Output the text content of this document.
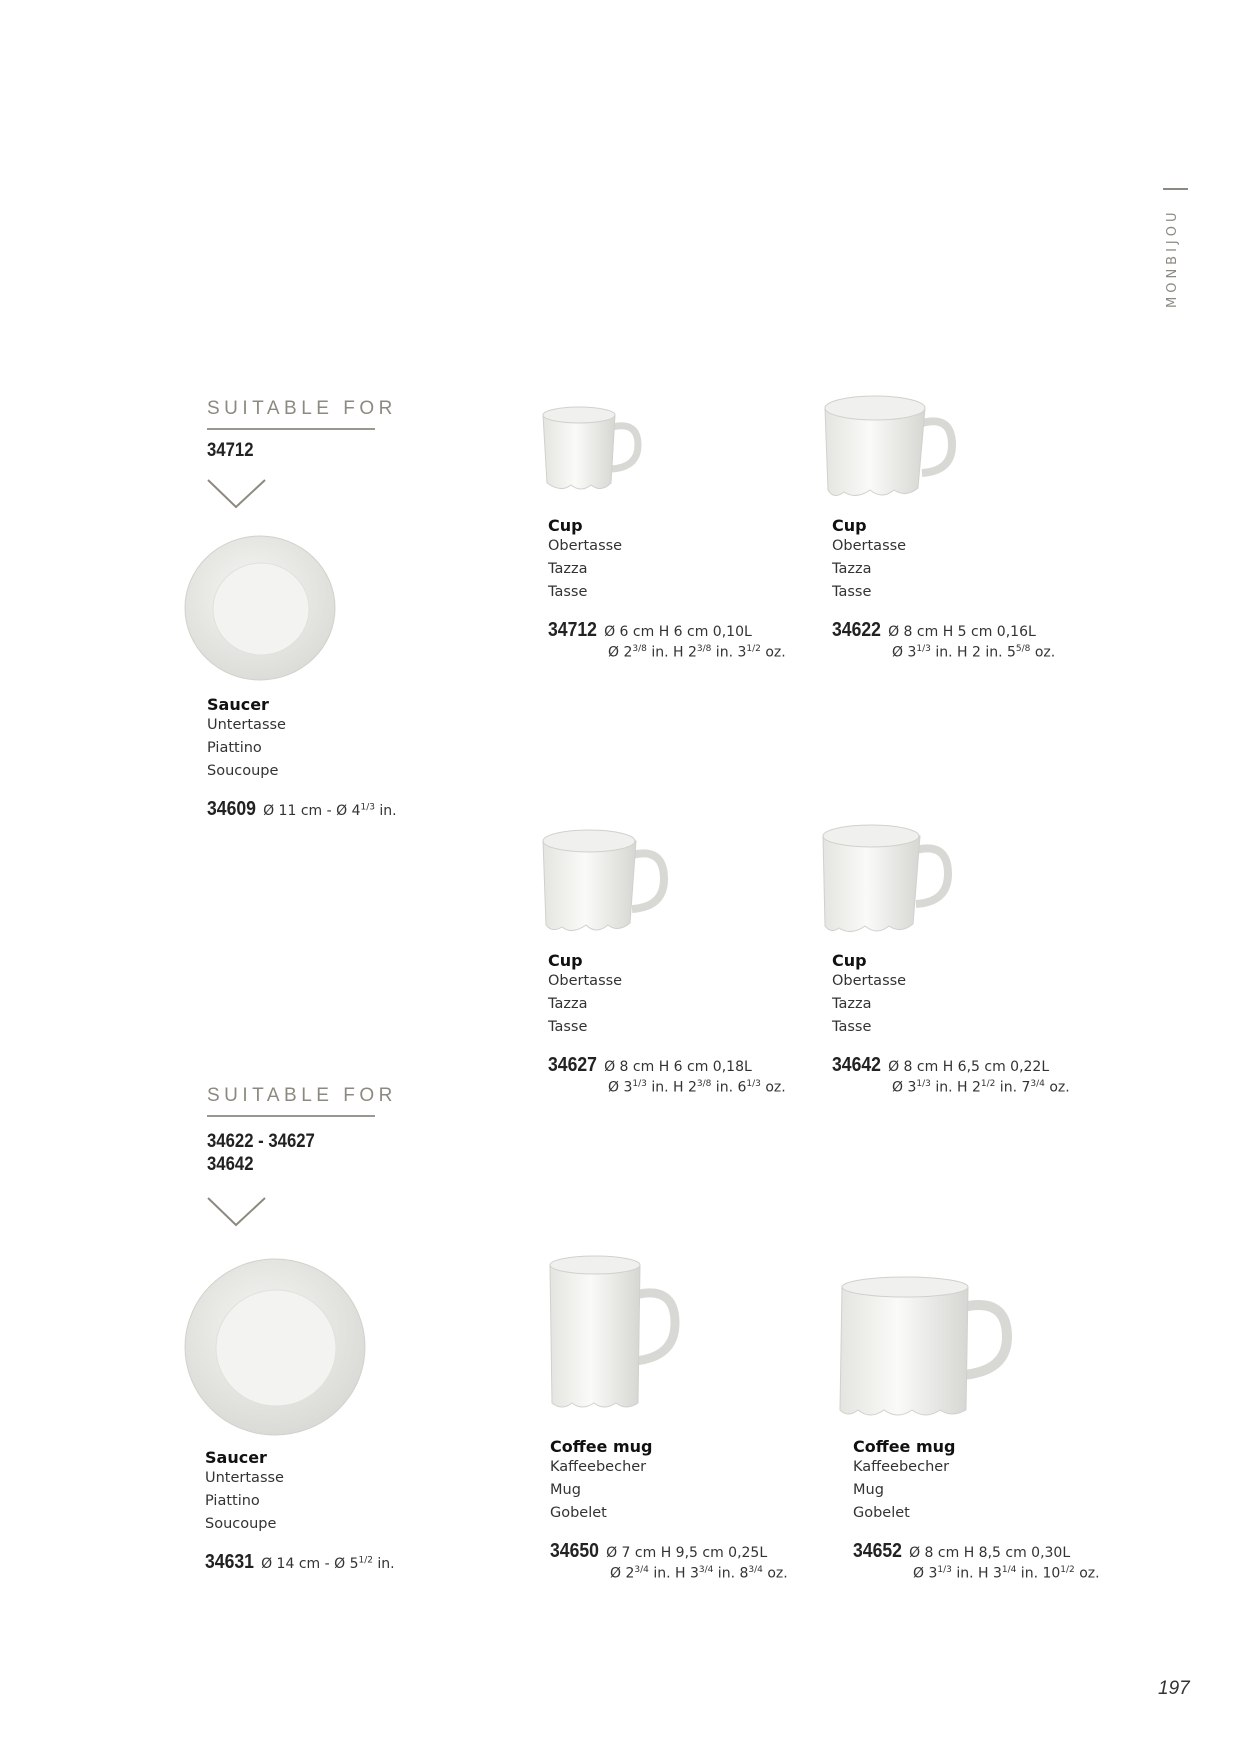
MONBIJOU
SUITABLE FOR
34712
Saucer
Untertasse
Piattino
Soucoupe
34609 Ø 11 cm - Ø $4^{1/3}$ in.
SUITABLE FOR
34622 - 34627
34642
Saucer
Untertasse
Piattino
Soucoupe
34631 Ø 14 cm - Ø $5^{1/2}$ in.
Cup
Obertasse
Tazza
Tasse
34712 Ø 6 cm H 6 cm 0,10L
Ø $2^{3/8}$ in. H $2^{3/8}$ in. $3^{1/2}$ oz.
Cup
Obertasse
Tazza
Tasse
34622 Ø 8 cm H 5 cm 0,16L
Ø $3^{1/3}$ in. H 2 in. $5^{5/8}$ oz.
Cup
Obertasse
Tazza
Tasse
34627 Ø 8 cm H 6 cm 0,18L
Ø $3^{1/3}$ in. H $2^{3/8}$ in. $6^{1/3}$ oz.
Cup
Obertasse
Tazza
Tasse
34642 Ø 8 cm H 6,5 cm 0,22L
Ø $3^{1/3}$ in. H $2^{1/2}$ in. $7^{3/4}$ oz.
Coffee mug
Kaffeebecher
Mug
Gobelet
34650 Ø 7 cm H 9,5 cm 0,25L
Ø $2^{3/4}$ in. H $3^{3/4}$ in. $8^{3/4}$ oz.
Coffee mug
Kaffeebecher
Mug
Gobelet
34652 Ø 8 cm H 8,5 cm 0,30L
Ø $3^{1/3}$ in. H $3^{1/4}$ in. $10^{1/2}$ oz.
197
